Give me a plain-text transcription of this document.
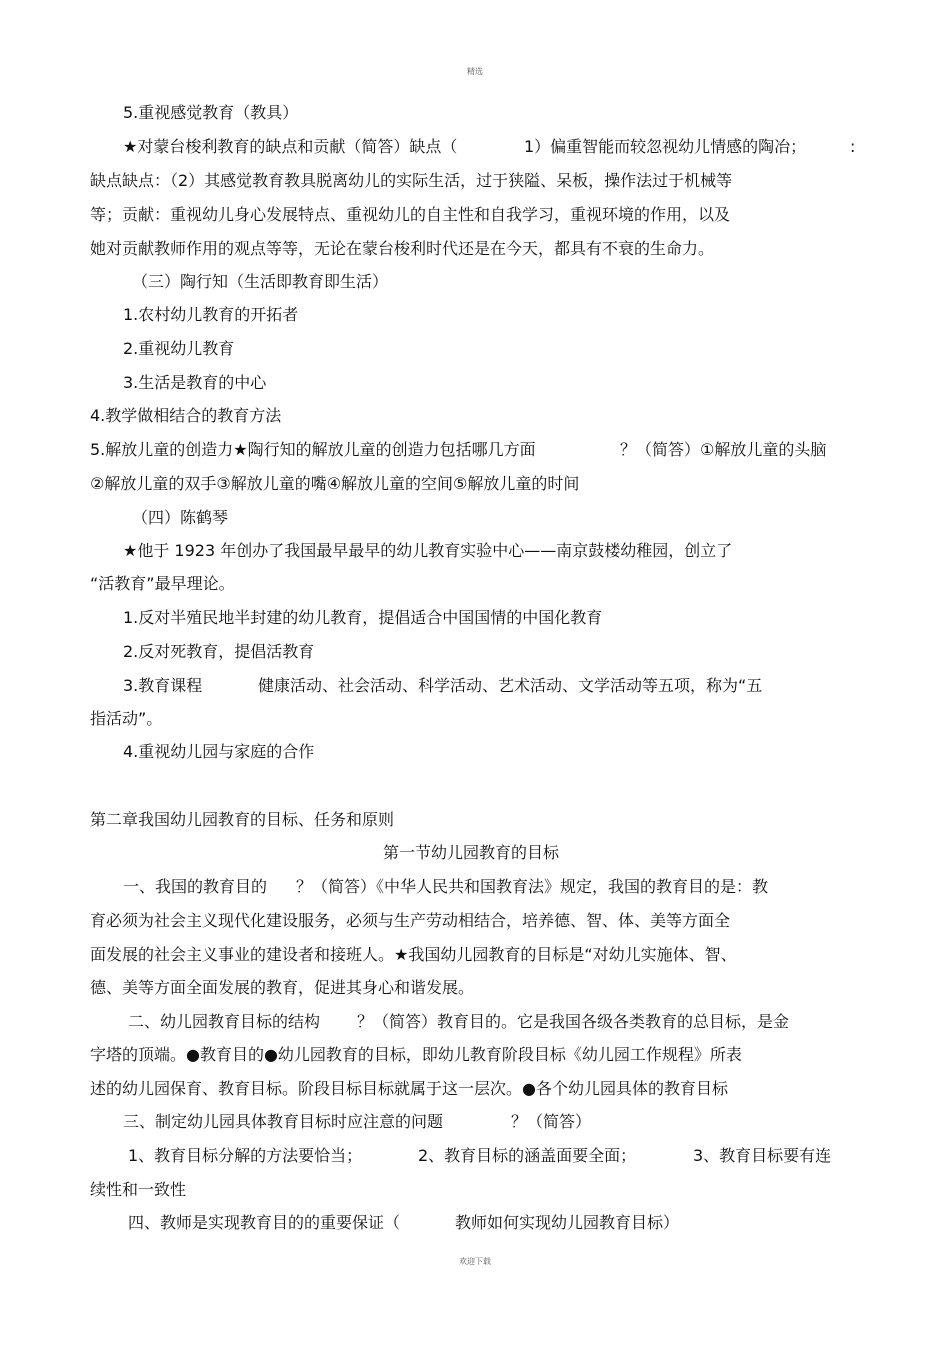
精选
5.重视感觉教育（教具）
★对蒙台梭利教育的缺点和贡献（简答）缺点（	1）偏重智能而较忽视幼儿情感的陶冶；	:
缺点缺点：（2）其感觉教育教具脱离幼儿的实际生活，过于狭隘、呆板，操作法过于机械等
等；贡献：重视幼儿身心发展特点、重视幼儿的自主性和自我学习，重视环境的作用，以及
她对贡献教师作用的观点等等，无论在蒙台梭利时代还是在今天，都具有不衰的生命力。
（三）陶行知（生活即教育即生活）
1.农村幼儿教育的开拓者
2.重视幼儿教育
3.生活是教育的中心
4.教学做相结合的教育方法
5.解放儿童的创造力★陶行知的解放儿童的创造力包括哪几方面	？（简答）①解放儿童的头脑
②解放儿童的双手③解放儿童的嘴④解放儿童的空间⑤解放儿童的时间
（四）陈鹤琴
★他于 1923 年创办了我国最早最早的幼儿教育实验中心——南京鼓楼幼稚园，创立了
“活教育”最早理论。
1.反对半殖民地半封建的幼儿教育，提倡适合中国国情的中国化教育
2.反对死教育，提倡活教育
3.教育课程	健康活动、社会活动、科学活动、艺术活动、文学活动等五项，称为“五
指活动”。
4.重视幼儿园与家庭的合作
第二章我国幼儿园教育的目标、任务和原则
第一节幼儿园教育的目标
一、我国的教育目的 ？（简答）《中华人民共和国教育法》规定，我国的教育目的是：教
育必须为社会主义现代化建设服务，必须与生产劳动相结合，培养德、智、体、美等方面全
面发展的社会主义事业的建设者和接班人。★我国幼儿园教育的目标是“对幼儿实施体、智、
德、美等方面全面发展的教育，促进其身心和谐发展。
二、幼儿园教育目标的结构 ？（简答）教育目的。它是我国各级各类教育的总目标，是金
字塔的顶端。●教育目的●幼儿园教育的目标，即幼儿教育阶段目标《幼儿园工作规程》所表
述的幼儿园保育、教育目标。阶段目标目标就属于这一层次。●各个幼儿园具体的教育目标
三、制定幼儿园具体教育目标时应注意的问题	？（简答）
1、教育目标分解的方法要恰当；	2、教育目标的涵盖面要全面；	3、教育目标要有连
续性和一致性
四、教师是实现教育目的的重要保证（	教师如何实现幼儿园教育目标）
欢迎下载
